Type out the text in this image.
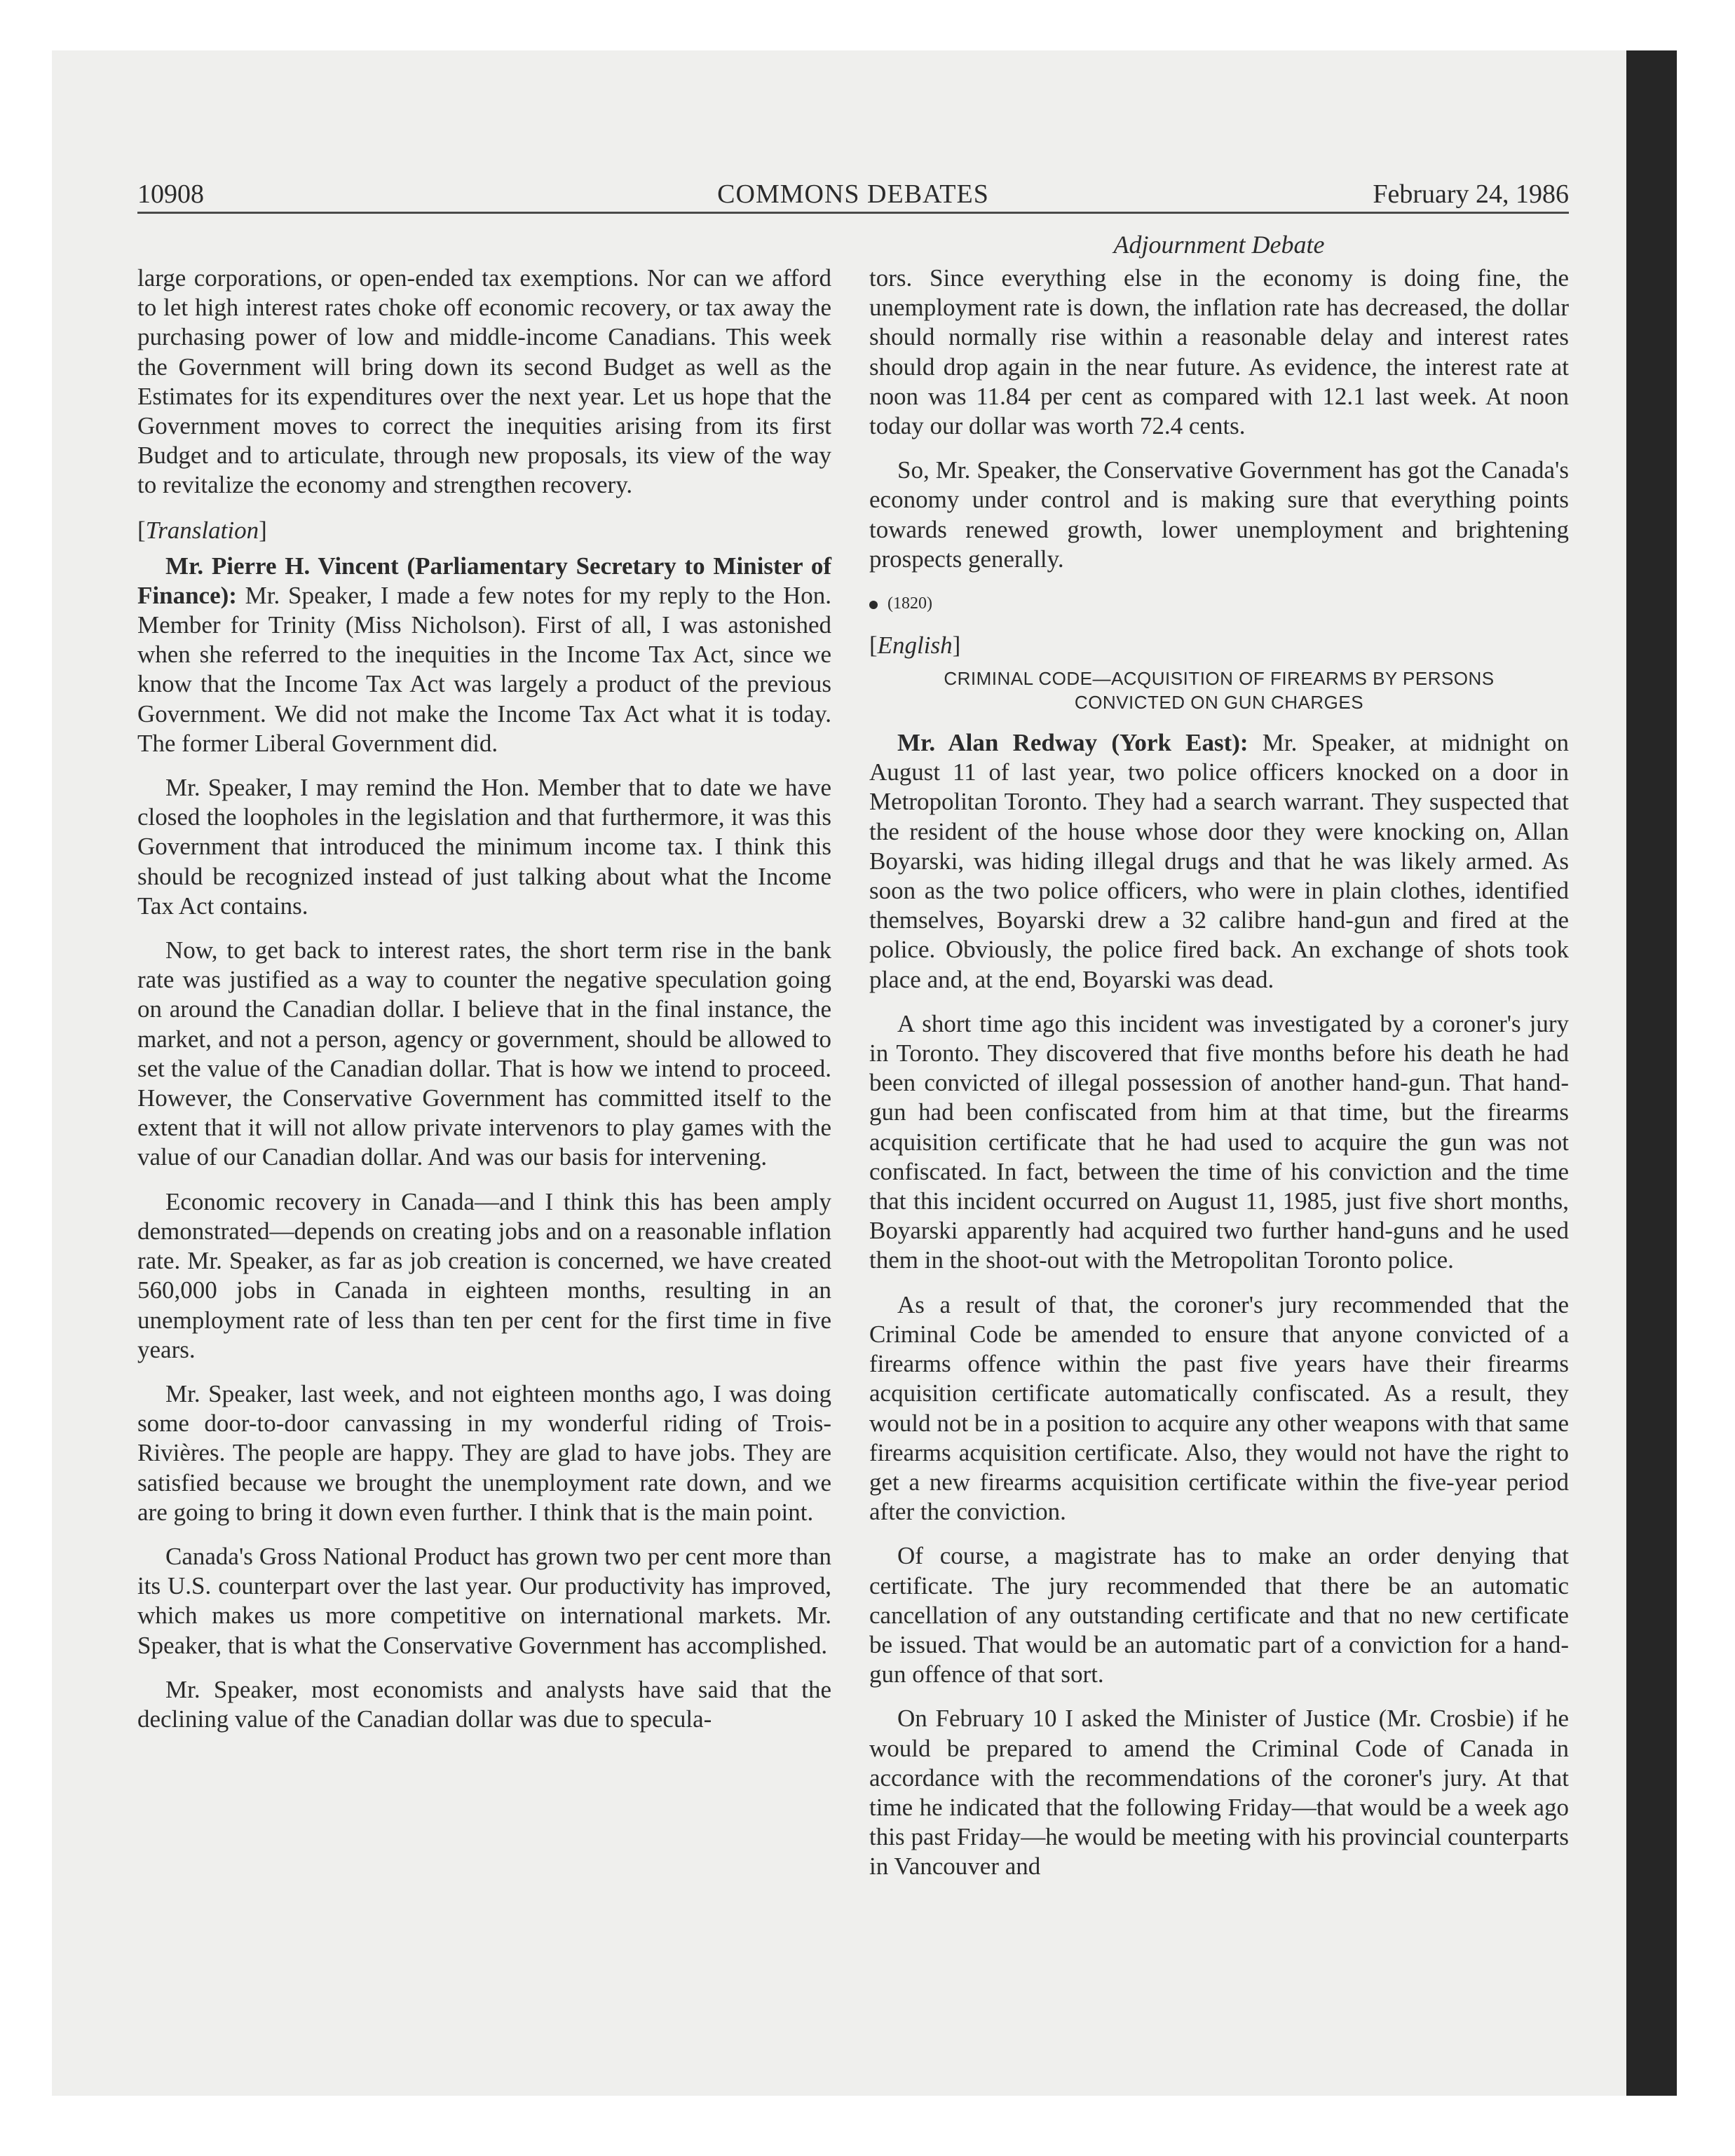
10908	COMMONS DEBATES	February 24, 1986
Adjournment Debate

large corporations, or open-ended tax exemptions. Nor can we afford to let high interest rates choke off economic recovery, or tax away the purchasing power of low and middle-income Canadians. This week the Government will bring down its second Budget as well as the Estimates for its expenditures over the next year. Let us hope that the Government moves to correct the inequities arising from its first Budget and to articulate, through new proposals, its view of the way to revitalize the economy and strengthen recovery.

[Translation]

Mr. Pierre H. Vincent (Parliamentary Secretary to Minister of Finance): Mr. Speaker, I made a few notes for my reply to the Hon. Member for Trinity (Miss Nicholson). First of all, I was astonished when she referred to the inequities in the Income Tax Act, since we know that the Income Tax Act was largely a product of the previous Government. We did not make the Income Tax Act what it is today. The former Liberal Government did.

Mr. Speaker, I may remind the Hon. Member that to date we have closed the loopholes in the legislation and that furthermore, it was this Government that introduced the minimum income tax. I think this should be recognized instead of just talking about what the Income Tax Act contains.

Now, to get back to interest rates, the short term rise in the bank rate was justified as a way to counter the negative speculation going on around the Canadian dollar. I believe that in the final instance, the market, and not a person, agency or government, should be allowed to set the value of the Canadian dollar. That is how we intend to proceed. However, the Conservative Government has committed itself to the extent that it will not allow private intervenors to play games with the value of our Canadian dollar. And was our basis for intervening.

Economic recovery in Canada—and I think this has been amply demonstrated—depends on creating jobs and on a reasonable inflation rate. Mr. Speaker, as far as job creation is concerned, we have created 560,000 jobs in Canada in eighteen months, resulting in an unemployment rate of less than ten per cent for the first time in five years.

Mr. Speaker, last week, and not eighteen months ago, I was doing some door-to-door canvassing in my wonderful riding of Trois-Rivières. The people are happy. They are glad to have jobs. They are satisfied because we brought the unemployment rate down, and we are going to bring it down even further. I think that is the main point.

Canada's Gross National Product has grown two per cent more than its U.S. counterpart over the last year. Our productivity has improved, which makes us more competitive on international markets. Mr. Speaker, that is what the Conservative Government has accomplished.

Mr. Speaker, most economists and analysts have said that the declining value of the Canadian dollar was due to specula-

tors. Since everything else in the economy is doing fine, the unemployment rate is down, the inflation rate has decreased, the dollar should normally rise within a reasonable delay and interest rates should drop again in the near future. As evidence, the interest rate at noon was 11.84 per cent as compared with 12.1 last week. At noon today our dollar was worth 72.4 cents.

So, Mr. Speaker, the Conservative Government has got the Canada's economy under control and is making sure that everything points towards renewed growth, lower unemployment and brightening prospects generally.

(1820)
[English]
CRIMINAL CODE—ACQUISITION OF FIREARMS BY PERSONS
CONVICTED ON GUN CHARGES

Mr. Alan Redway (York East): Mr. Speaker, at midnight on August 11 of last year, two police officers knocked on a door in Metropolitan Toronto. They had a search warrant. They suspected that the resident of the house whose door they were knocking on, Allan Boyarski, was hiding illegal drugs and that he was likely armed. As soon as the two police officers, who were in plain clothes, identified themselves, Boyarski drew a 32 calibre hand-gun and fired at the police. Obviously, the police fired back. An exchange of shots took place and, at the end, Boyarski was dead.

A short time ago this incident was investigated by a coroner's jury in Toronto. They discovered that five months before his death he had been convicted of illegal possession of another hand-gun. That hand-gun had been confiscated from him at that time, but the firearms acquisition certificate that he had used to acquire the gun was not confiscated. In fact, between the time of his conviction and the time that this incident occurred on August 11, 1985, just five short months, Boyarski apparently had acquired two further hand-guns and he used them in the shoot-out with the Metropolitan Toronto police.

As a result of that, the coroner's jury recommended that the Criminal Code be amended to ensure that anyone convicted of a firearms offence within the past five years have their firearms acquisition certificate automatically confiscated. As a result, they would not be in a position to acquire any other weapons with that same firearms acquisition certificate. Also, they would not have the right to get a new firearms acquisition certificate within the five-year period after the conviction.

Of course, a magistrate has to make an order denying that certificate. The jury recommended that there be an automatic cancellation of any outstanding certificate and that no new certificate be issued. That would be an automatic part of a conviction for a hand-gun offence of that sort.

On February 10 I asked the Minister of Justice (Mr. Crosbie) if he would be prepared to amend the Criminal Code of Canada in accordance with the recommendations of the coroner's jury. At that time he indicated that the following Friday—that would be a week ago this past Friday—he would be meeting with his provincial counterparts in Vancouver and
